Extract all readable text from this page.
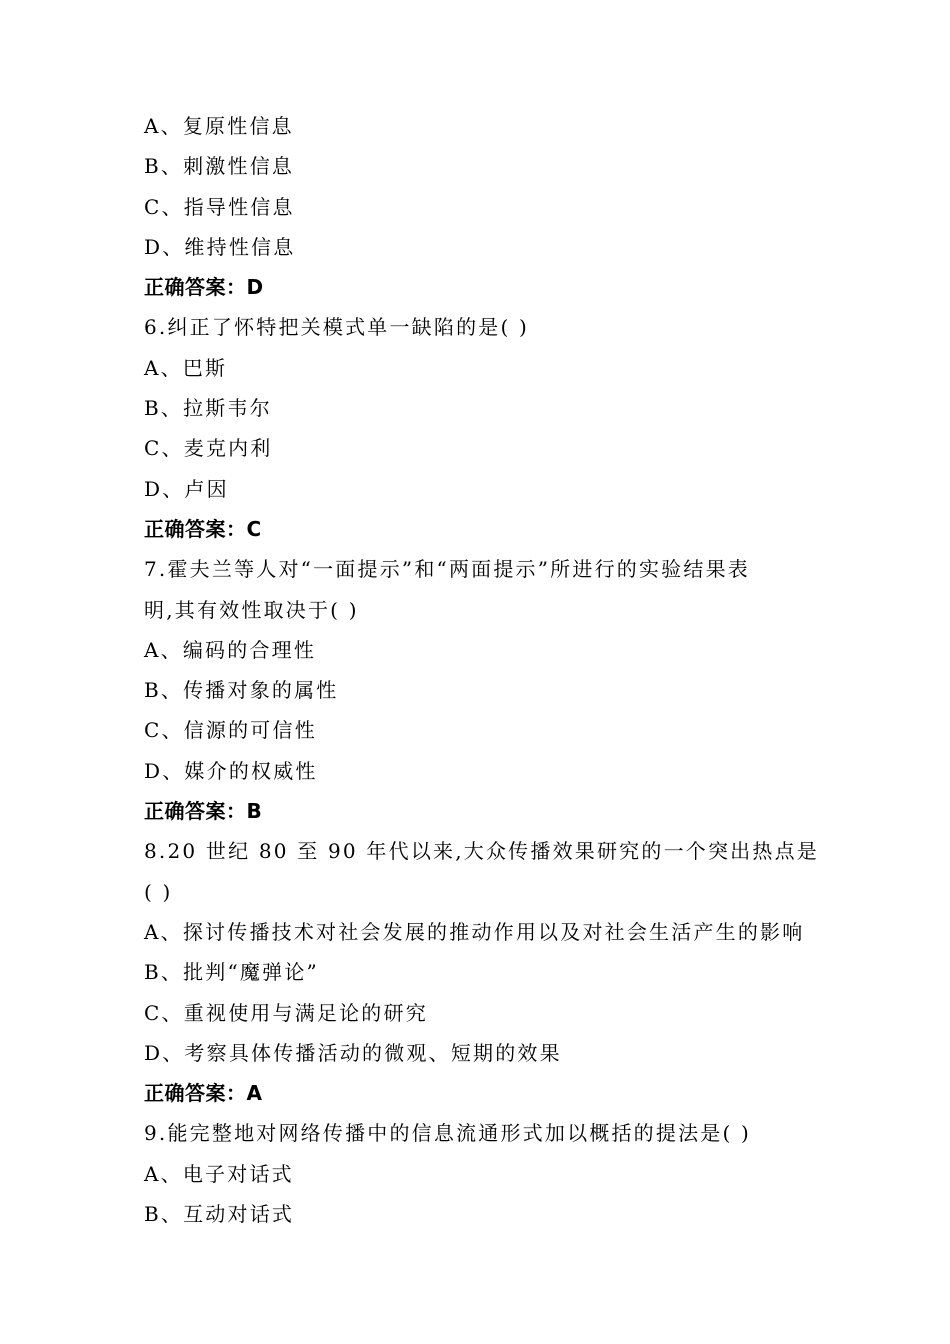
A、复原性信息
B、刺激性信息
C、指导性信息
D、维持性信息
正确答案：D
6.纠正了怀特把关模式单一缺陷的是( )
A、巴斯
B、拉斯韦尔
C、麦克内利
D、卢因
正确答案：C
7.霍夫兰等人对“一面提示”和“两面提示”所进行的实验结果表
明,其有效性取决于( )
A、编码的合理性
B、传播对象的属性
C、信源的可信性
D、媒介的权威性
正确答案：B
8.20 世纪 80 至 90 年代以来,大众传播效果研究的一个突出热点是
( )
A、探讨传播技术对社会发展的推动作用以及对社会生活产生的影响
B、批判“魔弹论”
C、重视使用与满足论的研究
D、考察具体传播活动的微观、短期的效果
正确答案：A
9.能完整地对网络传播中的信息流通形式加以概括的提法是( )
A、电子对话式
B、互动对话式
